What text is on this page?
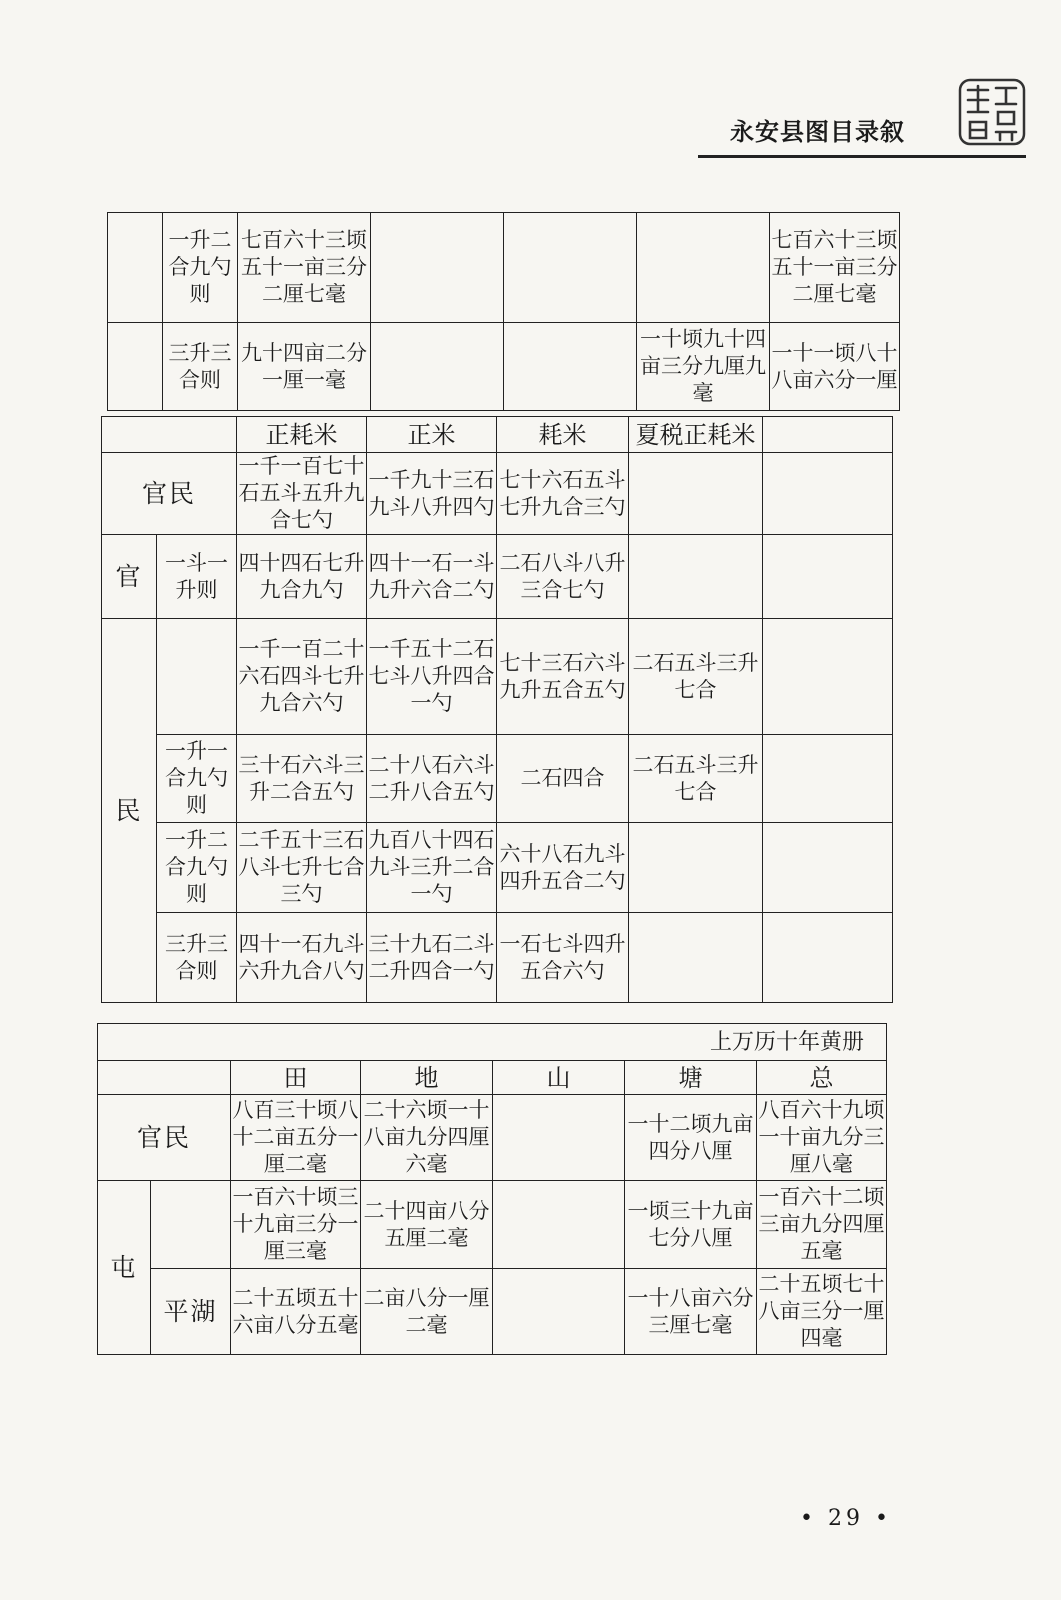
永安县图目录叙
	一升二合九勺则	七百六十三顷五十一亩三分二厘七毫				七百六十三顷五十一亩三分二厘七毫
	三升三合则	九十四亩二分一厘一毫			一十顷九十四亩三分九厘九毫	一十一顷八十八亩六分一厘
		正耗米	正米	耗米	夏税正耗米	
官民		一千一百七十石五斗五升九合七勺	一千九十三石九斗八升四勺	七十六石五斗七升九合三勺		
官	一斗一升则	四十四石七升九合九勺	四十一石一斗九升六合二勺	二石八斗八升三合七勺		
民		一千一百二十六石四斗七升九合六勺	一千五十二石七斗八升四合一勺	七十三石六斗九升五合五勺	二石五斗三升七合	
	一升一合九勺则	三十石六斗三升二合五勺	二十八石六斗二升八合五勺	二石四合	二石五斗三升七合	
	一升二合九勺则	二千五十三石八斗七升七合三勺	九百八十四石九斗三升二合一勺	六十八石九斗四升五合二勺		
	三升三合则	四十一石九斗六升九合八勺	三十九石二斗二升四合一勺	一石七斗四升五合六勺		
上万历十年黄册						
		田	地	山	塘	总
官民		八百三十顷八十二亩五分一厘二毫	二十六顷一十八亩九分四厘六毫		一十二顷九亩四分八厘	八百六十九顷一十亩九分三厘八毫
屯		一百六十顷三十九亩三分一厘三毫	二十四亩八分五厘二毫		一顷三十九亩七分八厘	一百六十二顷三亩九分四厘五毫
	平湖	二十五顷五十六亩八分五毫	二亩八分一厘二毫		一十八亩六分三厘七毫	二十五顷七十八亩三分一厘四毫
• 29 •
